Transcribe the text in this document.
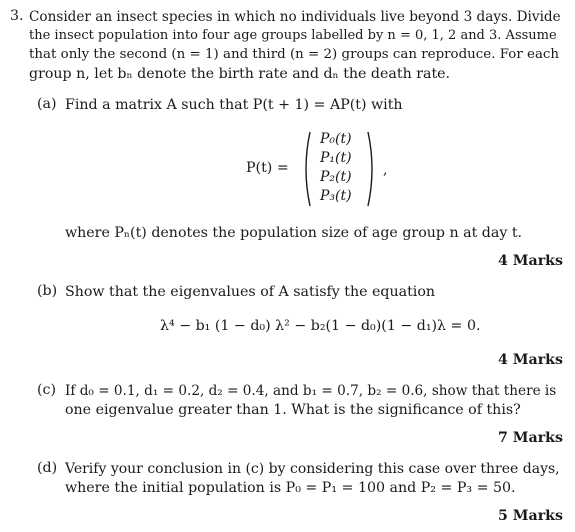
3. Consider an insect species in which no individuals live beyond 3 days. Divide
the insect population into four age groups labelled by n = 0, 1, 2 and 3. Assume
that only the second (n = 1) and third (n = 2) groups can reproduce. For each
group n, let bₙ denote the birth rate and dₙ the death rate.
(a) Find a matrix A such that P(t + 1) = AP(t) with
P(t) =
P₀(t)
P₁(t)
P₂(t)
P₃(t)
,
where Pₙ(t) denotes the population size of age group n at day t.
4 Marks
(b) Show that the eigenvalues of A satisfy the equation
λ⁴ − b₁ (1 − d₀) λ² − b₂(1 − d₀)(1 − d₁)λ = 0.
4 Marks
(c) If d₀ = 0.1, d₁ = 0.2, d₂ = 0.4, and b₁ = 0.7, b₂ = 0.6, show that there is
one eigenvalue greater than 1. What is the significance of this?
7 Marks
(d) Verify your conclusion in (c) by considering this case over three days,
where the initial population is P₀ = P₁ = 100 and P₂ = P₃ = 50.
5 Marks
